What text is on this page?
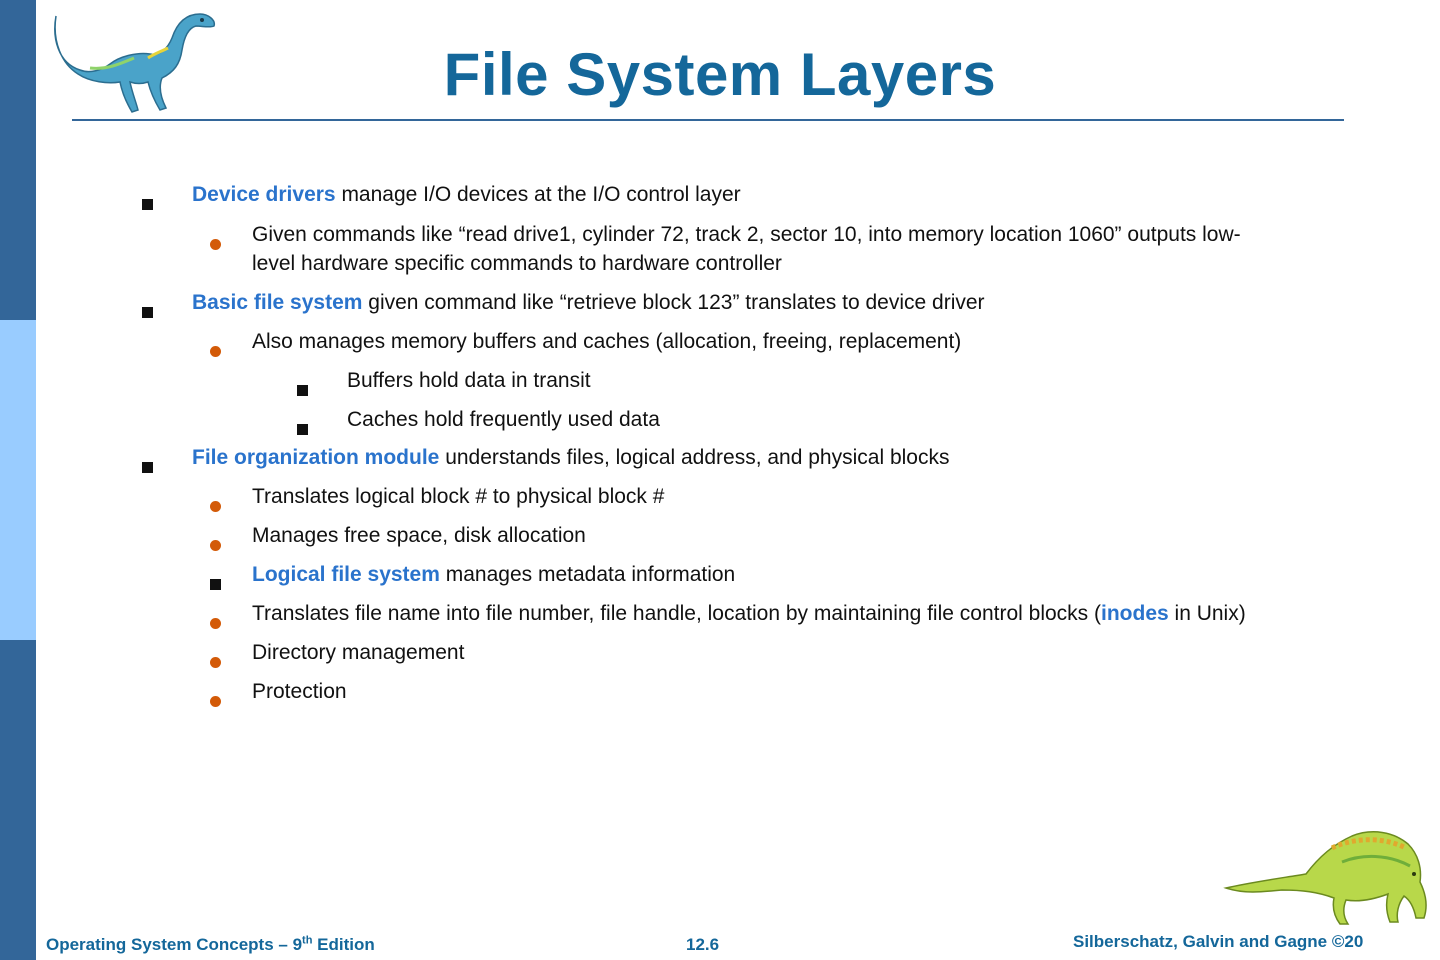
File System Layers
Device drivers manage I/O devices at the I/O control layer
Given commands like “read drive1, cylinder 72, track 2, sector 10, into memory location 1060” outputs low-
level hardware specific commands to hardware controller
Basic file system given command like “retrieve block 123” translates to device driver
Also manages memory buffers and caches (allocation, freeing, replacement)
Buffers hold data in transit
Caches hold frequently used data
File organization module understands files, logical address, and physical blocks
Translates logical block # to physical block #
Manages free space, disk allocation
Logical file system manages metadata information
Translates file name into file number, file handle, location by maintaining file control blocks (inodes in Unix)
Directory management
Protection
Operating System Concepts – 9th Edition	12.6	Silberschatz, Galvin and Gagne ©20
